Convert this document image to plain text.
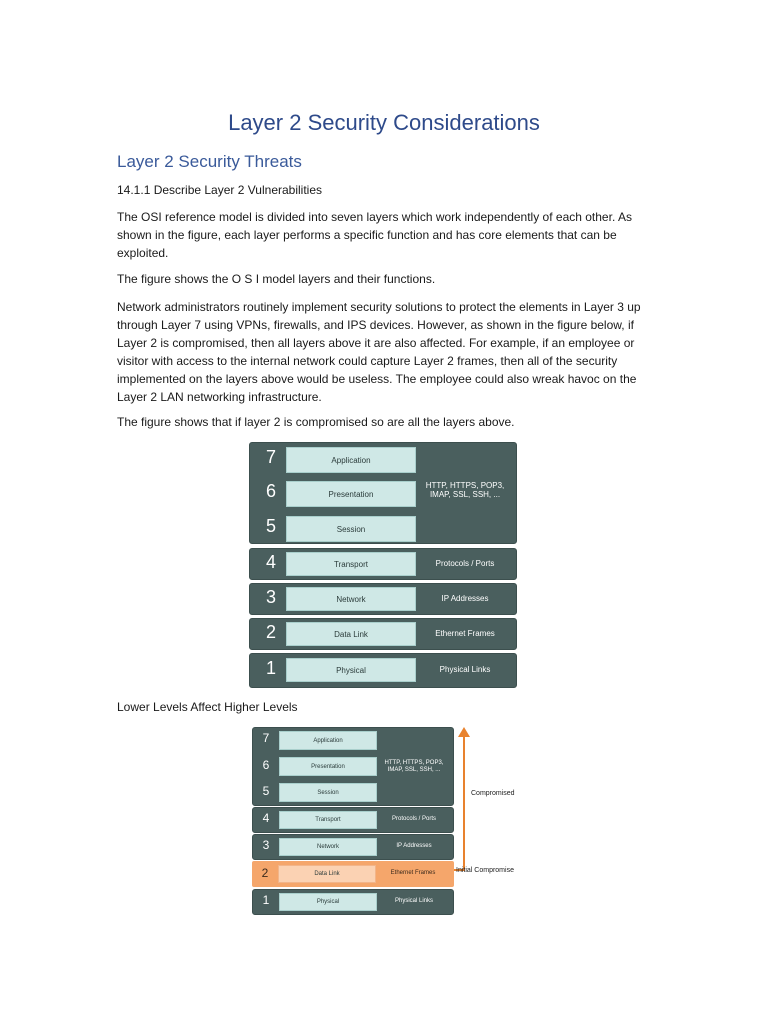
Layer 2 Security Considerations
Layer 2 Security Threats

14.1.1 Describe Layer 2 Vulnerabilities

The OSI reference model is divided into seven layers which work independently of each other. As shown in the figure, each layer performs a specific function and has core elements that can be exploited.

The figure shows the O S I model layers and their functions.

Network administrators routinely implement security solutions to protect the elements in Layer 3 up through Layer 7 using VPNs, firewalls, and IPS devices. However, as shown in the figure below, if Layer 2 is compromised, then all layers above it are also affected. For example, if an employee or visitor with access to the internal network could capture Layer 2 frames, then all of the security implemented on the layers above would be useless. The employee could also wreak havoc on the Layer 2 LAN networking infrastructure.

The figure shows that if layer 2 is compromised so are all the layers above.

7	Application
6	Presentation
5	Session
HTTP, HTTPS, POP3, IMAP, SSL, SSH, ...
4	Transport	Protocols / Ports
3	Network	IP Addresses
2	Data Link	Ethernet Frames
1	Physical	Physical Links

Lower Levels Affect Higher Levels

7	Application
6	Presentation
5	Session
HTTP, HTTPS, POP3, IMAP, SSL, SSH, ...
4	Transport	Protocols / Ports
3	Network	IP Addresses
2	Data Link	Ethernet Frames
1	Physical	Physical Links
Compromised
Initial Compromise
